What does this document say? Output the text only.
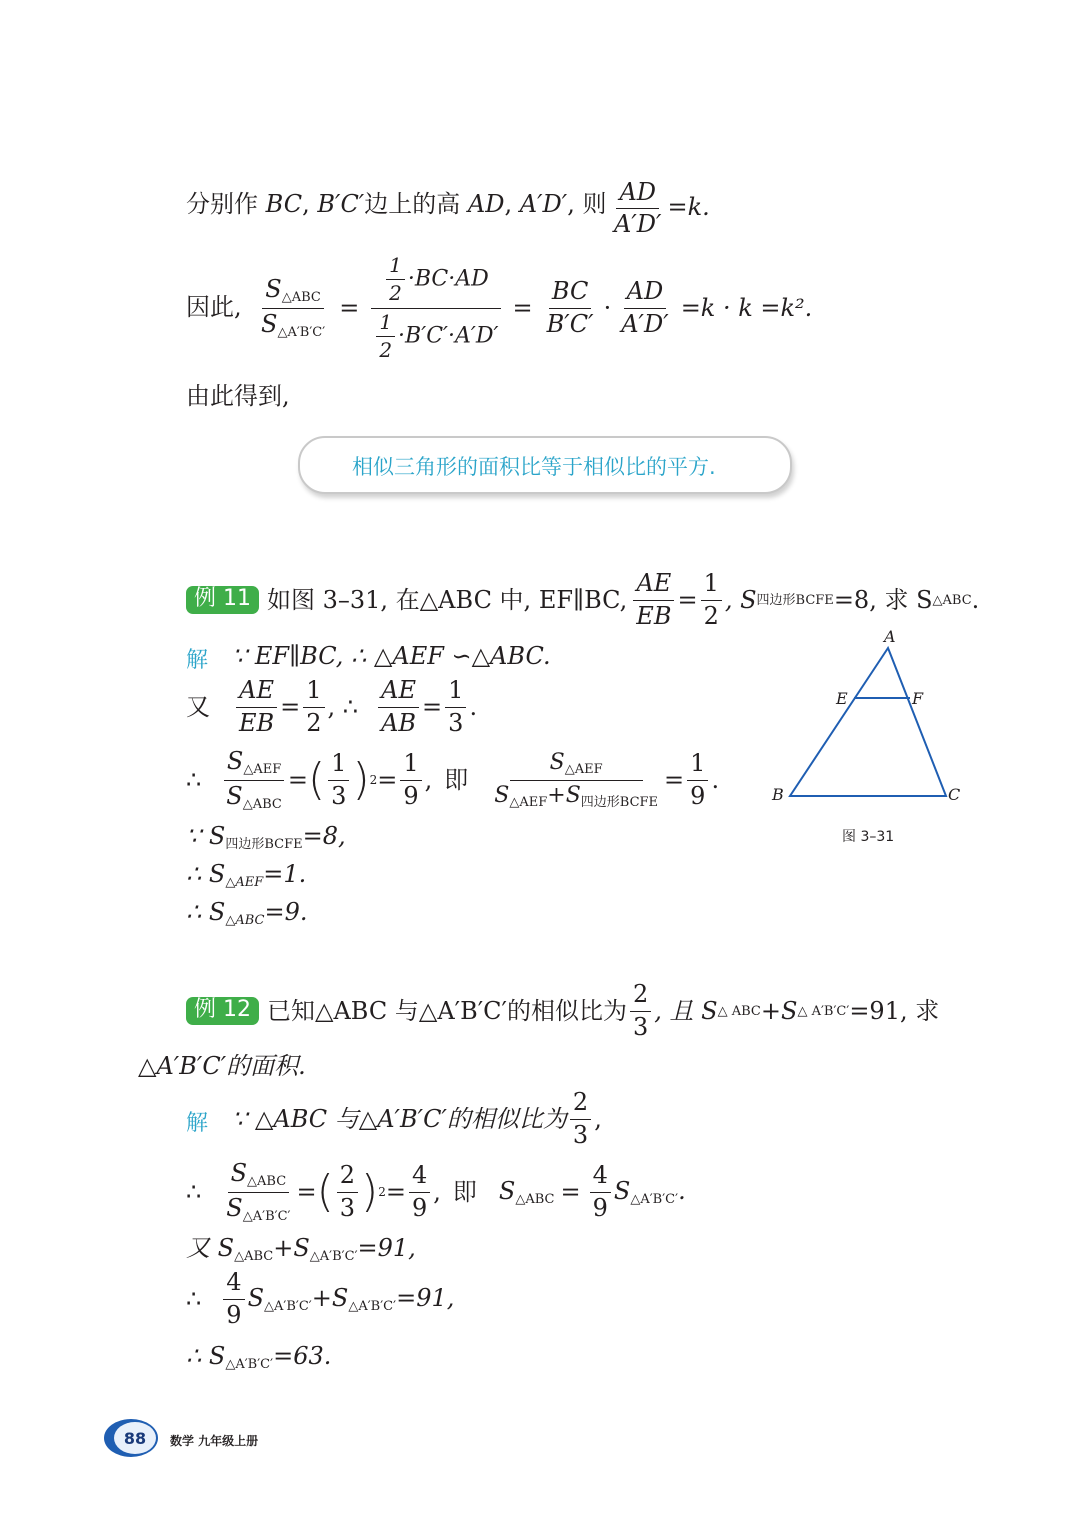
分别作 BC, B′C′边上的高 AD, A′D′, 则 $\frac{AD}{A'D'} =k$.
因此, $\frac{S_{\triangle ABC}}{S_{\triangle A'B'C'}} = \frac{\frac{1}{2} \cdot BC\cdot AD}{\frac{1}{2} \cdot B'C'\cdot A'D'} = \frac{BC}{B'C'} \cdot \frac{AD}{A'D'} =k \cdot k =k^2$.
由此得到,
相似三角形的面积比等于相似比的平方.
例 11 如图 3–31, 在△ABC 中, EF∥BC, $\frac{AE}{EB} = \frac{1}{2}$ , S 四边形BCFE =8, 求 S △ABC .
解 ∵ EF∥BC, ∴ △AEF ∽△ABC.
又 $\frac{AE}{EB} = \frac{1}{2}$ , ∴ $\frac{AE}{AB} = \frac{1}{3}$ .
∴ $\frac{S_{\triangle AEF}}{S_{\triangle ABC}}$ = ( $\frac{1}{3}$ ) $2 = \frac{1}{9}$ , 即 $\frac{S_{\triangle AEF}}{S_{\triangle AEF}+S_{四边形BCFE}} = \frac{1}{9}$ .
∵ $S_{四边形BCFE}=8$,
∴ $S_{\triangle AEF}=1$.
∴ $S_{\triangle ABC}=9$.
A
E	F
B	C
图 3–31
例 12 已知△ABC 与△A′B′C′的相似比为 $\frac{2}{3}$ , 且 S △ ABC +S △ A′B′C′ =91, 求
△A′B′C′的面积.
解 ∵ △ABC 与△A′B′C′的相似比为 $\frac{2}{3}$ ,
∴ $\frac{S_{\triangle ABC}}{S_{\triangle A'B'C'}}$ = ( $\frac{2}{3}$ ) $2 = \frac{4}{9}$ , 即 $S_{\triangle ABC} = \frac{4}{9} S_{\triangle A'B'C'}$.
又 $S_{\triangle ABC}+S_{\triangle A'B'C'}=91$,
∴ $\frac{4}{9} S_{\triangle A'B'C'}+S_{\triangle A'B'C'}=91$,
∴ $S_{\triangle A'B'C'}=63$.
88	数学 九年级上册
